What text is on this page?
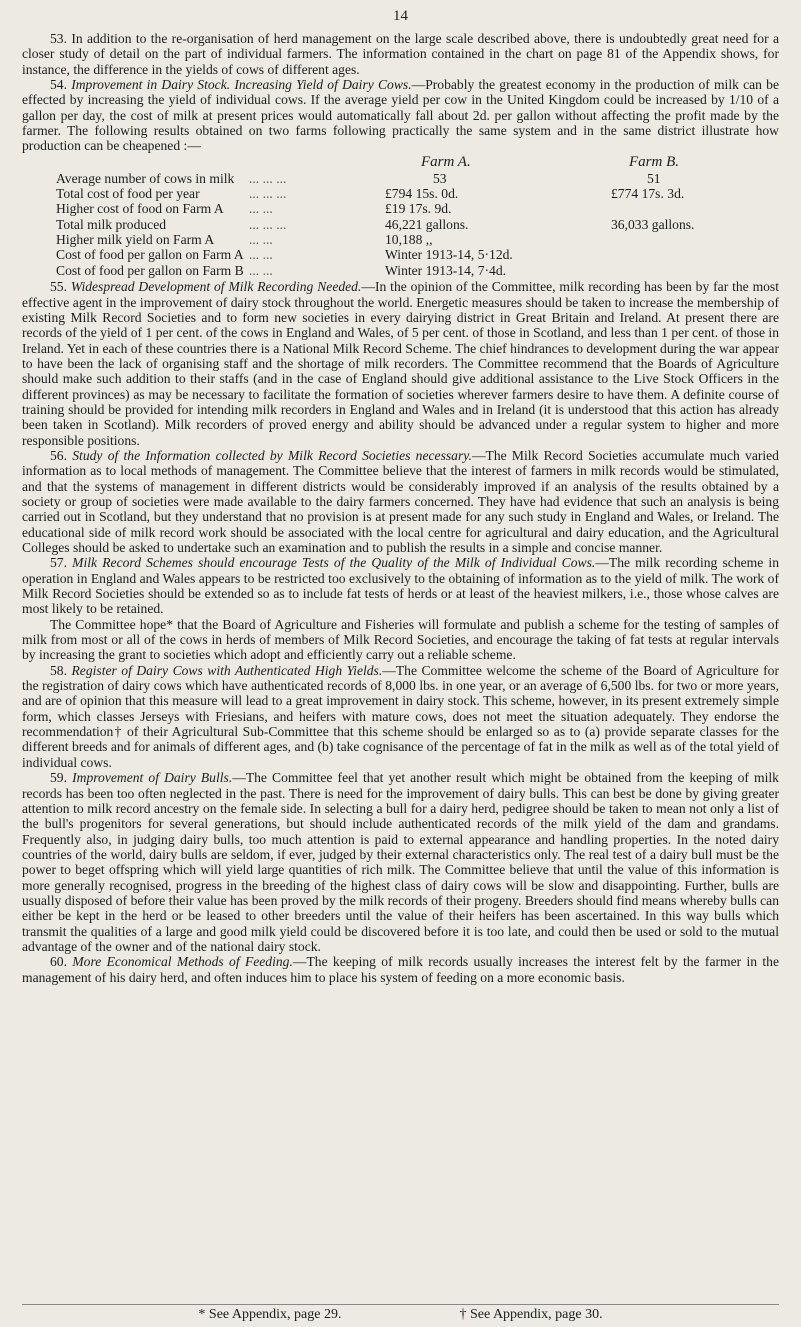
14

53. In addition to the re-organisation of herd management on the large scale described above, there is undoubtedly great need for a closer study of detail on the part of individual farmers. The information contained in the chart on page 81 of the Appendix shows, for instance, the difference in the yields of cows of different ages.

54. Improvement in Dairy Stock. Increasing Yield of Dairy Cows.—Probably the greatest economy in the production of milk can be effected by increasing the yield of individual cows. If the average yield per cow in the United Kingdom could be increased by 1/10 of a gallon per day, the cost of milk at present prices would automatically fall about 2d. per gallon without affecting the profit made by the farmer. The following results obtained on two farms following practically the same system and in the same district illustrate how production can be cheapened :—

		Farm A.	Farm B.
Average number of cows in milk	... ... ...	53	51
Total cost of food per year	... ... ...	£794 15s. 0d.	£774 17s. 3d.
Higher cost of food on Farm A	... ...	£19 17s. 9d.	
Total milk produced	... ... ...	46,221 gallons.	36,033 gallons.
Higher milk yield on Farm A	... ...	10,188 ,,	
Cost of food per gallon on Farm A	... ...	Winter 1913-14, 5·12d.	
Cost of food per gallon on Farm B	... ...	Winter 1913-14, 7·4d.	

55. Widespread Development of Milk Recording Needed.—In the opinion of the Committee, milk recording has been by far the most effective agent in the improvement of dairy stock throughout the world. Energetic measures should be taken to increase the membership of existing Milk Record Societies and to form new societies in every dairying district in Great Britain and Ireland. At present there are records of the yield of 1 per cent. of the cows in England and Wales, of 5 per cent. of those in Scotland, and less than 1 per cent. of those in Ireland. Yet in each of these countries there is a National Milk Record Scheme. The chief hindrances to development during the war appear to have been the lack of organising staff and the shortage of milk recorders. The Committee recommend that the Boards of Agriculture should make such addition to their staffs (and in the case of England should give additional assistance to the Live Stock Officers in the different provinces) as may be necessary to facilitate the formation of societies wherever farmers desire to have them. A definite course of training should be provided for intending milk recorders in England and Wales and in Ireland (it is understood that this action has already been taken in Scotland). Milk recorders of proved energy and ability should be advanced under a regular system to higher and more responsible positions.

56. Study of the Information collected by Milk Record Societies necessary.—The Milk Record Societies accumulate much varied information as to local methods of management. The Committee believe that the interest of farmers in milk records would be stimulated, and that the systems of management in different districts would be considerably improved if an analysis of the results obtained by a society or group of societies were made available to the dairy farmers concerned. They have had evidence that such an analysis is being carried out in Scotland, but they understand that no provision is at present made for any such study in England and Wales, or Ireland. The educational side of milk record work should be associated with the local centre for agricultural and dairy education, and the Agricultural Colleges should be asked to undertake such an examination and to publish the results in a simple and concise manner.

57. Milk Record Schemes should encourage Tests of the Quality of the Milk of Individual Cows.—The milk recording scheme in operation in England and Wales appears to be restricted too exclusively to the obtaining of information as to the yield of milk. The work of Milk Record Societies should be extended so as to include fat tests of herds or at least of the heaviest milkers, i.e., those whose calves are most likely to be retained.

The Committee hope* that the Board of Agriculture and Fisheries will formulate and publish a scheme for the testing of samples of milk from most or all of the cows in herds of members of Milk Record Societies, and encourage the taking of fat tests at regular intervals by increasing the grant to societies which adopt and efficiently carry out a reliable scheme.

58. Register of Dairy Cows with Authenticated High Yields.—The Committee welcome the scheme of the Board of Agriculture for the registration of dairy cows which have authenticated records of 8,000 lbs. in one year, or an average of 6,500 lbs. for two or more years, and are of opinion that this measure will lead to a great improvement in dairy stock. This scheme, however, in its present extremely simple form, which classes Jerseys with Friesians, and heifers with mature cows, does not meet the situation adequately. They endorse the recommendation† of their Agricultural Sub-Committee that this scheme should be enlarged so as to (a) provide separate classes for the different breeds and for animals of different ages, and (b) take cognisance of the percentage of fat in the milk as well as of the total yield of individual cows.

59. Improvement of Dairy Bulls.—The Committee feel that yet another result which might be obtained from the keeping of milk records has been too often neglected in the past. There is need for the improvement of dairy bulls. This can best be done by giving greater attention to milk record ancestry on the female side. In selecting a bull for a dairy herd, pedigree should be taken to mean not only a list of the bull's progenitors for several generations, but should include authenticated records of the milk yield of the dam and grandams. Frequently also, in judging dairy bulls, too much attention is paid to external appearance and handling properties. In the noted dairy countries of the world, dairy bulls are seldom, if ever, judged by their external characteristics only. The real test of a dairy bull must be the power to beget offspring which will yield large quantities of rich milk. The Committee believe that until the value of this information is more generally recognised, progress in the breeding of the highest class of dairy cows will be slow and disappointing. Further, bulls are usually disposed of before their value has been proved by the milk records of their progeny. Breeders should find means whereby bulls can either be kept in the herd or be leased to other breeders until the value of their heifers has been ascertained. In this way bulls which transmit the qualities of a large and good milk yield could be discovered before it is too late, and could then be used or sold to the mutual advantage of the owner and of the national dairy stock.

60. More Economical Methods of Feeding.—The keeping of milk records usually increases the interest felt by the farmer in the management of his dairy herd, and often induces him to place his system of feeding on a more economic basis.

* See Appendix, page 29.	† See Appendix, page 30.
